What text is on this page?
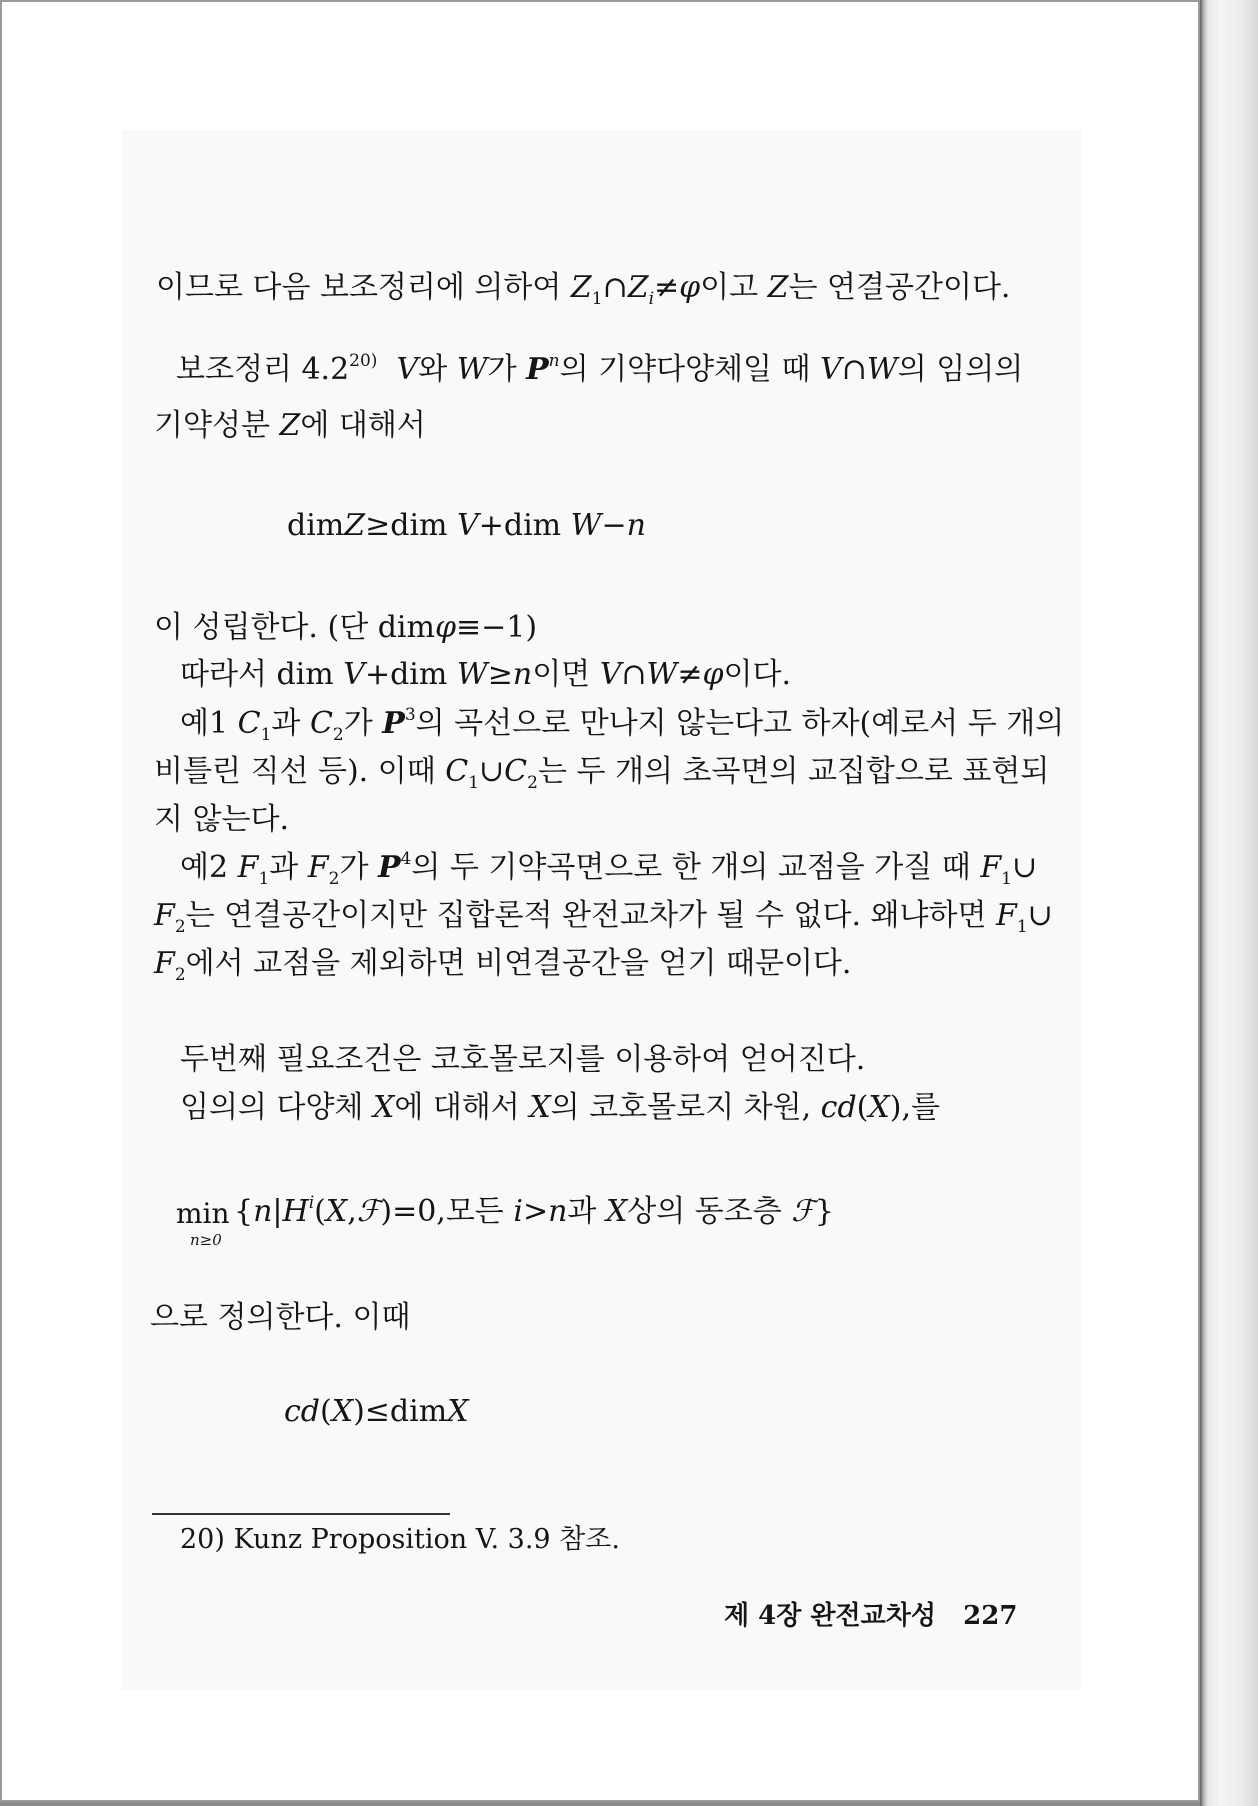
이므로 다음 보조정리에 의하여 $Z_1\cap Z_i\ne\varphi$이고 Z는 연결공간이다.
보조정리 4.2$^{20)}$ V와 W가 $P^n$의 기약다양체일 때 V∩W의 임의의
기약성분 Z에 대해서
dimZ≥dim V+dim W−n
이 성립한다. (단 dimφ≡−1)
따라서 dim V+dim W≥n이면 V∩W≠φ이다.
예1 $C_1$과 $C_2$가 $P^3$의 곡선으로 만나지 않는다고 하자(예로서 두 개의
비틀린 직선 등). 이때 $C_1\cup C_2$는 두 개의 초곡면의 교집합으로 표현되
지 않는다.
예2 $F_1$과 $F_2$가 $P^4$의 두 기약곡면으로 한 개의 교점을 가질 때 $F_1\cup$
$F_2$는 연결공간이지만 집합론적 완전교차가 될 수 없다. 왜냐하면 $F_1\cup$
$F_2$에서 교점을 제외하면 비연결공간을 얻기 때문이다.
두번째 필요조건은 코호몰로지를 이용하여 얻어진다.
임의의 다양체 X에 대해서 X의 코호몰로지 차원, cd(X),를
min
n≥0
{$n|H^i(X,ℱ)=0$,모든 i>n과 X상의 동조층 ℱ}
으로 정의한다. 이때
cd(X)≤dimX
20) Kunz Proposition V. 3.9 참조.
제 4장 완전교차성 227
